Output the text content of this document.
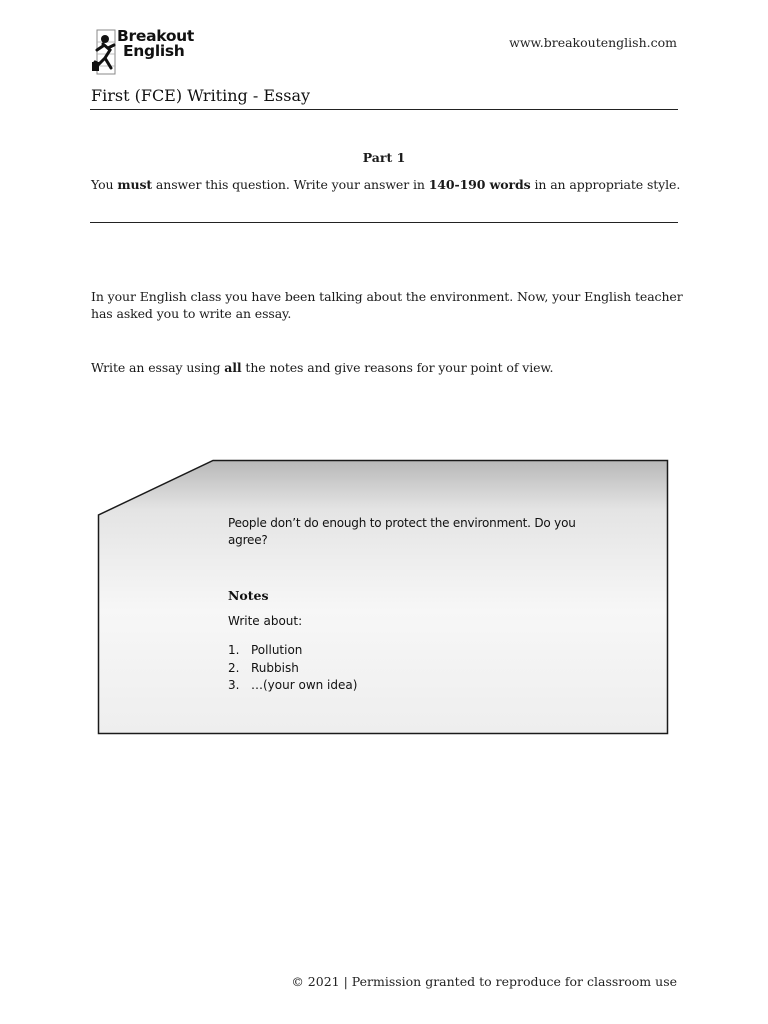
Breakout
English	www.breakoutenglish.com
First (FCE) Writing - Essay
Part 1
You must answer this question. Write your answer in 140-190 words in an appropriate style.
In your English class you have been talking about the environment. Now, your English teacher has asked you to write an essay.
Write an essay using all the notes and give reasons for your point of view.
People don’t do enough to protect the environment. Do you agree?
Notes
Write about:
1. Pollution
2. Rubbish
3. …(your own idea)
© 2021 | Permission granted to reproduce for classroom use
